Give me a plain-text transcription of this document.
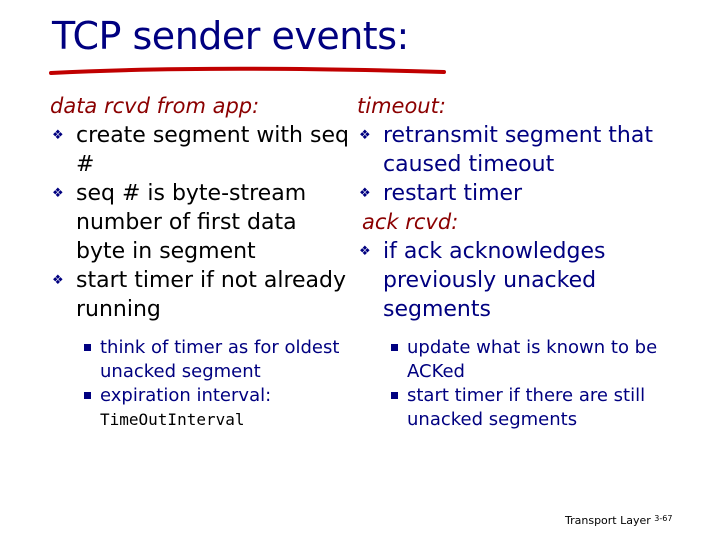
TCP sender events:
data rcvd from app:
❖ create segment with seq #
❖ seq # is byte-stream number of first data byte in segment
❖ start timer if not already running
think of timer as for oldest unacked segment
expiration interval:
TimeOutInterval
timeout:
❖ retransmit segment that caused timeout
❖ restart timer
ack rcvd:
❖ if ack acknowledges previously unacked segments
update what is known to be ACKed
start timer if there are still unacked segments
Transport Layer $^{3-67}$
